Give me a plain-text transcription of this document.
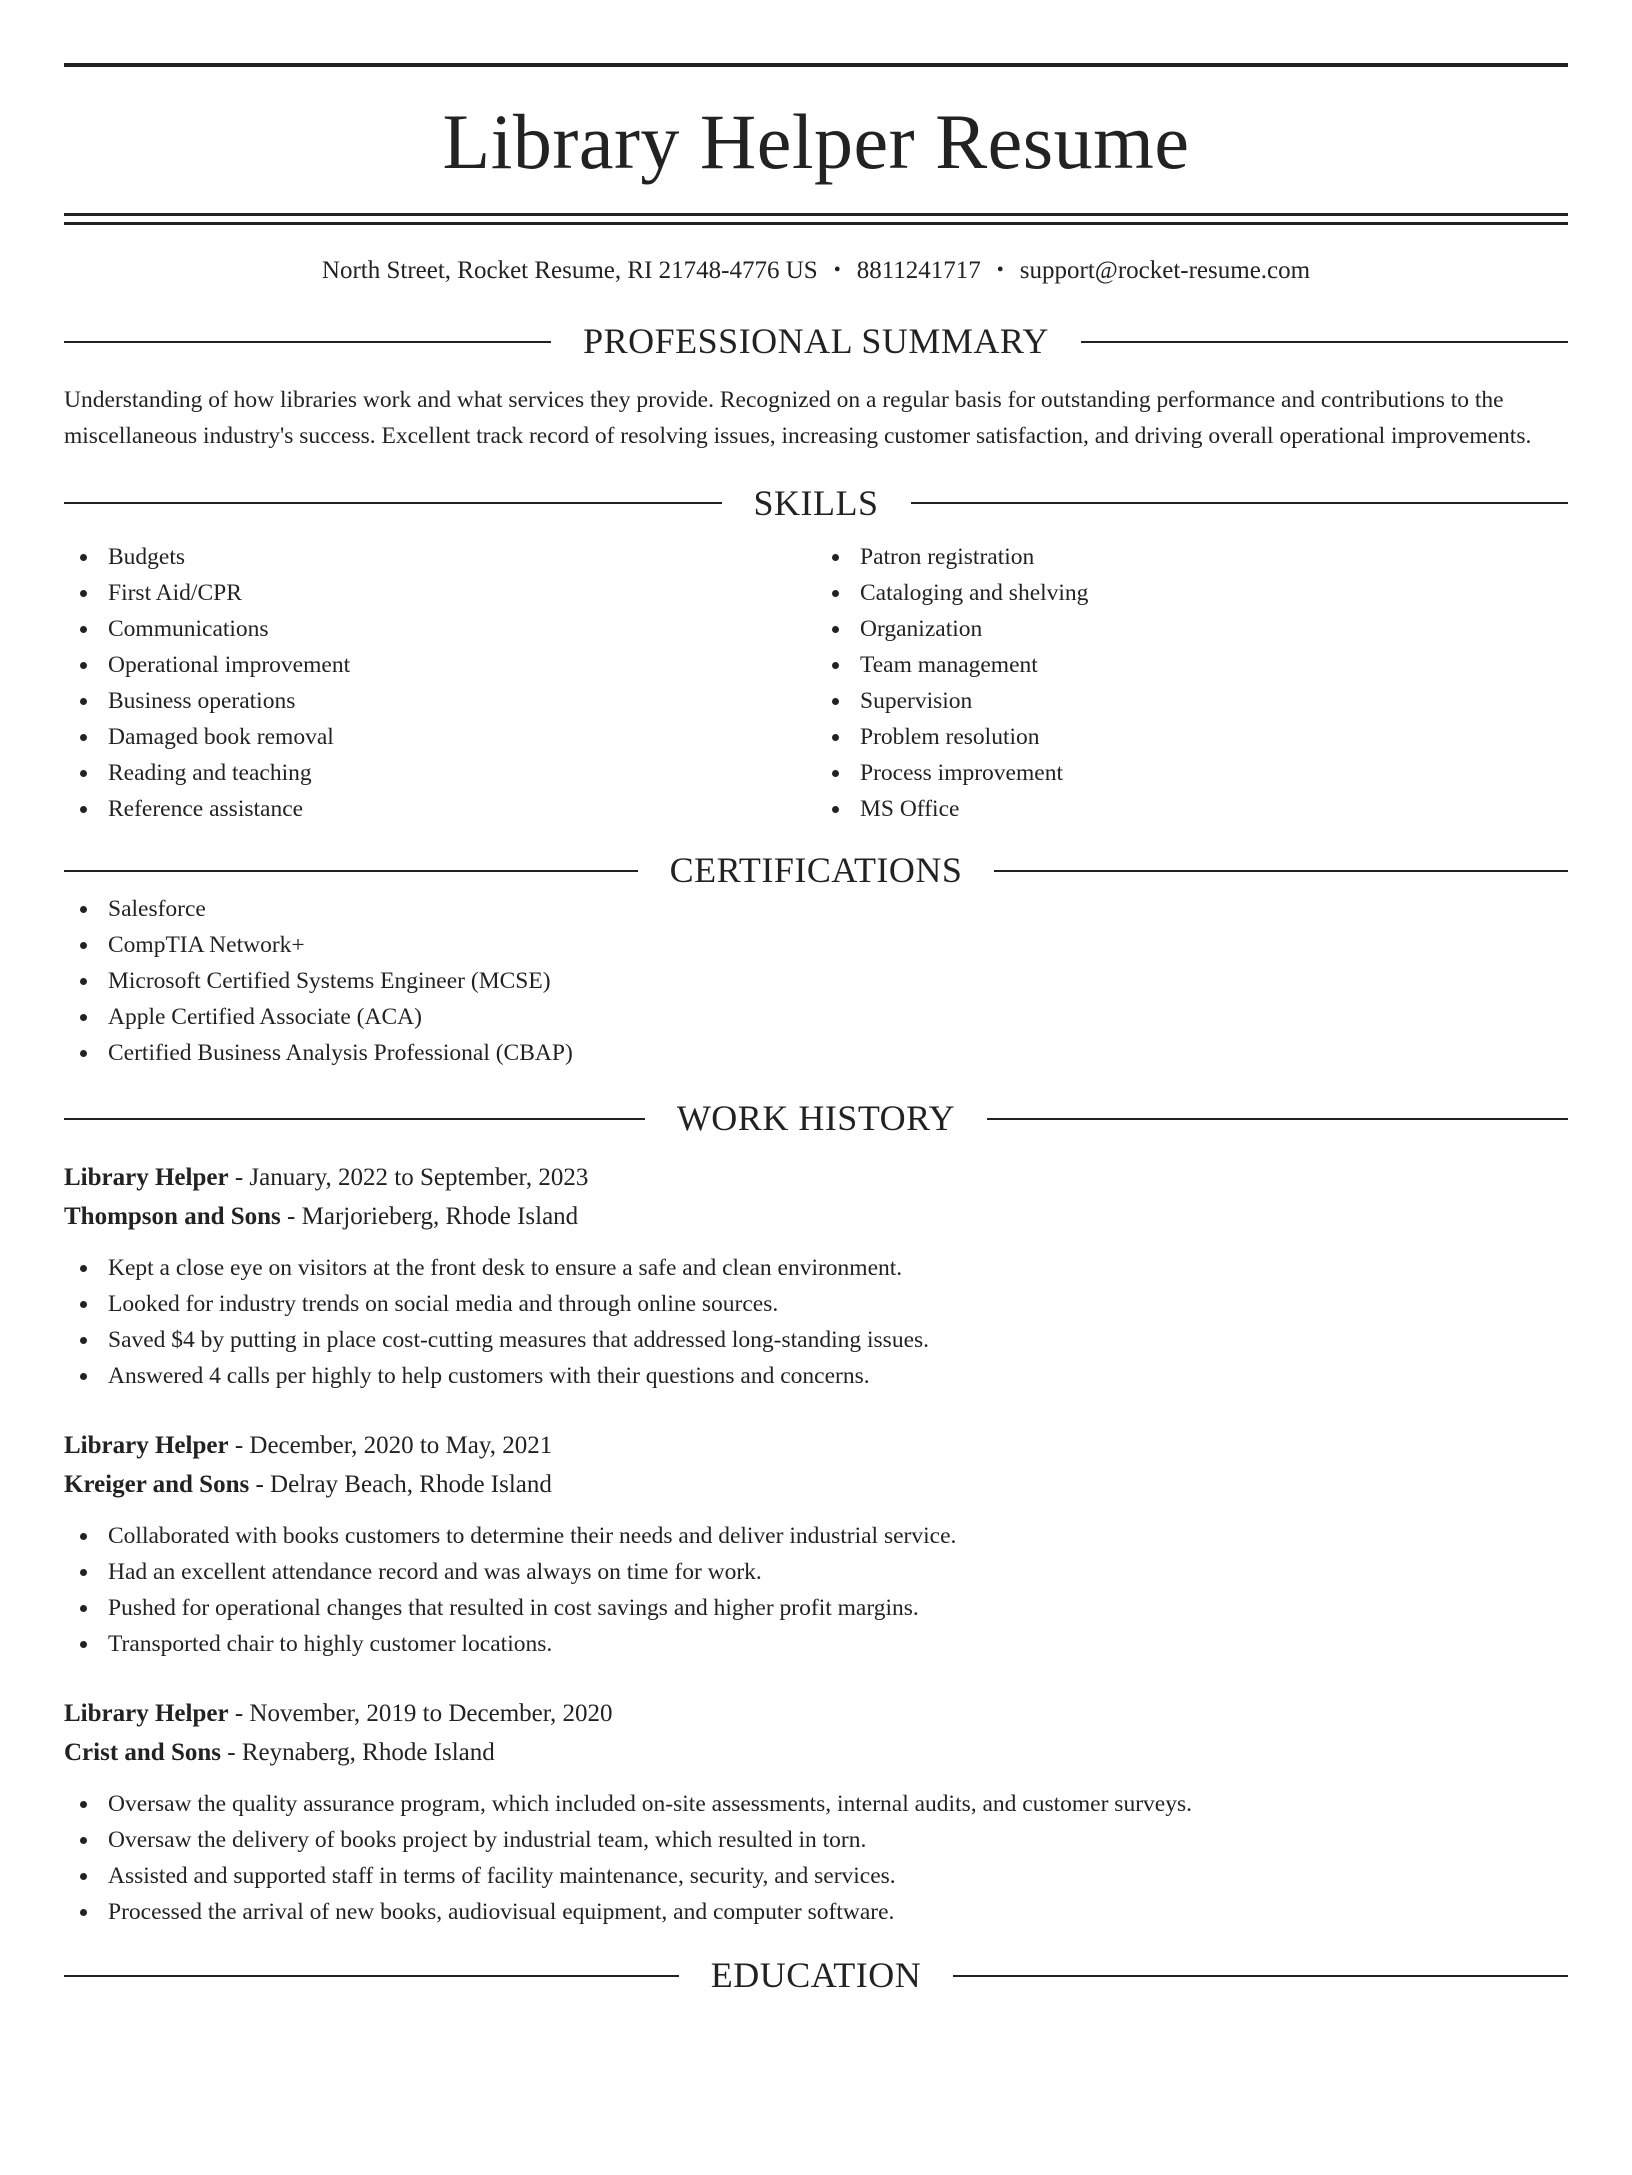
Library Helper Resume
North Street, Rocket Resume, RI 21748-4776 US • 8811241717 • support@rocket-resume.com
PROFESSIONAL SUMMARY

Understanding of how libraries work and what services they provide. Recognized on a regular basis for outstanding performance and contributions to the miscellaneous industry's success. Excellent track record of resolving issues, increasing customer satisfaction, and driving overall operational improvements.

SKILLS
Budgets
First Aid/CPR
Communications
Operational improvement
Business operations
Damaged book removal
Reading and teaching
Reference assistance
Patron registration
Cataloging and shelving
Organization
Team management
Supervision
Problem resolution
Process improvement
MS Office
CERTIFICATIONS
Salesforce
CompTIA Network+
Microsoft Certified Systems Engineer (MCSE)
Apple Certified Associate (ACA)
Certified Business Analysis Professional (CBAP)
WORK HISTORY
Library Helper - January, 2022 to September, 2023
Thompson and Sons - Marjorieberg, Rhode Island
Kept a close eye on visitors at the front desk to ensure a safe and clean environment.
Looked for industry trends on social media and through online sources.
Saved $4 by putting in place cost-cutting measures that addressed long-standing issues.
Answered 4 calls per highly to help customers with their questions and concerns.
Library Helper - December, 2020 to May, 2021
Kreiger and Sons - Delray Beach, Rhode Island
Collaborated with books customers to determine their needs and deliver industrial service.
Had an excellent attendance record and was always on time for work.
Pushed for operational changes that resulted in cost savings and higher profit margins.
Transported chair to highly customer locations.
Library Helper - November, 2019 to December, 2020
Crist and Sons - Reynaberg, Rhode Island
Oversaw the quality assurance program, which included on-site assessments, internal audits, and customer surveys.
Oversaw the delivery of books project by industrial team, which resulted in torn.
Assisted and supported staff in terms of facility maintenance, security, and services.
Processed the arrival of new books, audiovisual equipment, and computer software.
EDUCATION
